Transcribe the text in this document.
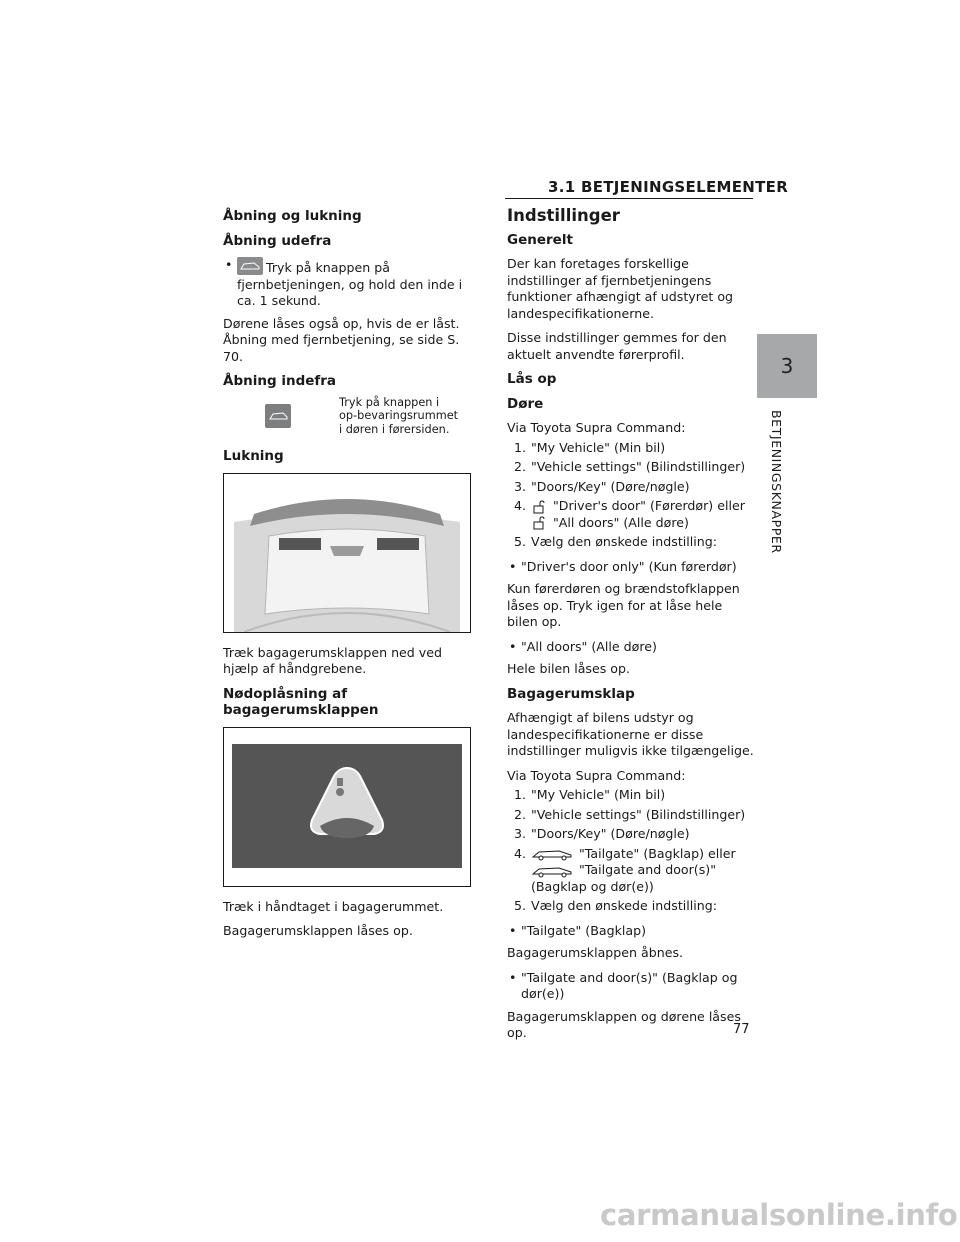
3.1 BETJENINGSELEMENTER
3
BETJENINGSKNAPPER
Åbning og lukning
Åbning udefra
• Tryk på knappen på fjernbetjeningen, og hold den inde i ca. 1 sekund.

Dørene låses også op, hvis de er låst. Åbning med fjernbetjening, se side S. 70.

Åbning indefra
Tryk på knappen i op-bevaringsrummet i døren i førersiden.
Lukning

Træk bagagerumsklappen ned ved hjælp af håndgrebene.

Nødoplåsning af bagagerumsklappen

Træk i håndtaget i bagagerummet.

Bagagerumsklappen låses op.

Indstillinger
Generelt

Der kan foretages forskellige indstillinger af fjernbetjeningens funktioner afhængigt af udstyret og landespecifikationerne.

Disse indstillinger gemmes for den aktuelt anvendte førerprofil.

Lås op
Døre

Via Toyota Supra Command:

1. "My Vehicle" (Min bil)
2. "Vehicle settings" (Bilindstillinger)
3. "Doors/Key" (Døre/nøgle)
4. "Driver's door" (Førerdør) eller
"All doors" (Alle døre)
5. Vælg den ønskede indstilling:
• "Driver's door only" (Kun førerdør)

Kun førerdøren og brændstofklappen låses op. Tryk igen for at låse hele bilen op.

• "All doors" (Alle døre)

Hele bilen låses op.

Bagagerumsklap

Afhængigt af bilens udstyr og landespecifikationerne er disse indstillinger muligvis ikke tilgængelige.

Via Toyota Supra Command:

1. "My Vehicle" (Min bil)
2. "Vehicle settings" (Bilindstillinger)
3. "Doors/Key" (Døre/nøgle)
4.	"Tailgate" (Bagklap) eller
"Tailgate and door(s)" (Bagklap og dør(e))
5. Vælg den ønskede indstilling:
• "Tailgate" (Bagklap)

Bagagerumsklappen åbnes.

• "Tailgate and door(s)" (Bagklap og dør(e))

Bagagerumsklappen og dørene låses op.	77
carmanualsonline.info
